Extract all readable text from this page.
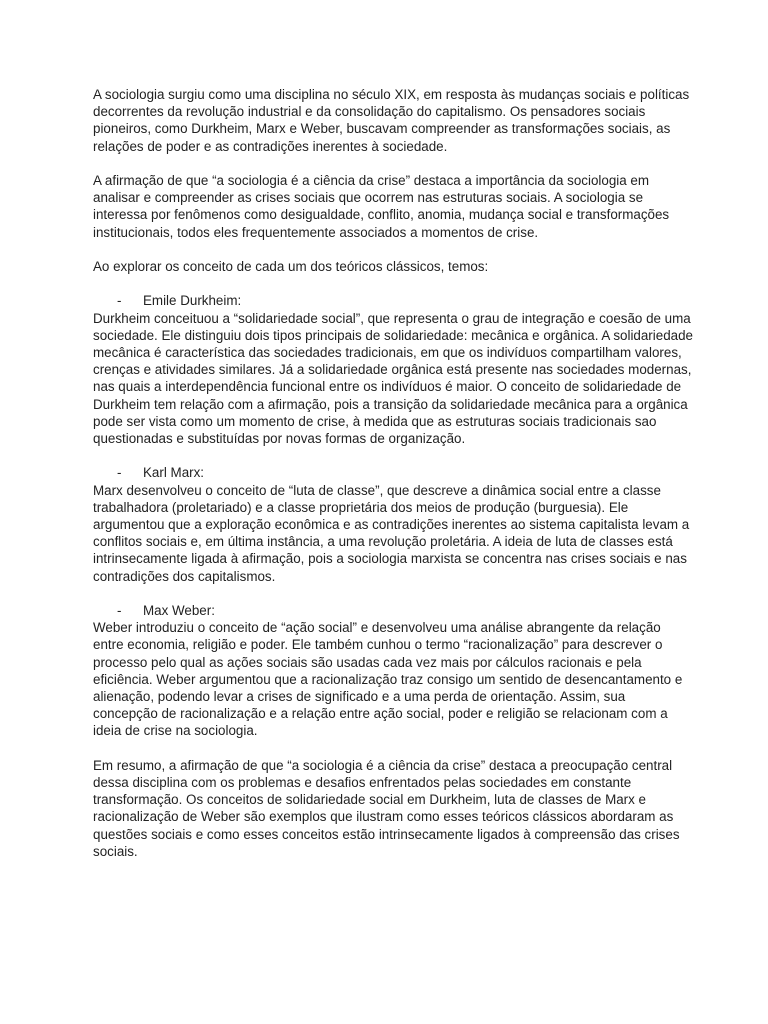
A sociologia surgiu como uma disciplina no século XIX, em resposta às mudanças sociais e políticas decorrentes da revolução industrial e da consolidação do capitalismo. Os pensadores sociais pioneiros, como Durkheim, Marx e Weber, buscavam compreender as transformações sociais, as relações de poder e as contradições inerentes à sociedade.

A afirmação de que “a sociologia é a ciência da crise” destaca a importância da sociologia em analisar e compreender as crises sociais que ocorrem nas estruturas sociais. A sociologia se interessa por fenômenos como desigualdade, conflito, anomia, mudança social e transformações institucionais, todos eles frequentemente associados a momentos de crise.

Ao explorar os conceito de cada um dos teóricos clássicos, temos:

-	Emile Durkheim:

Durkheim conceituou a “solidariedade social”, que representa o grau de integração e coesão de uma sociedade. Ele distinguiu dois tipos principais de solidariedade: mecânica e orgânica. A solidariedade mecânica é característica das sociedades tradicionais, em que os indivíduos compartilham valores, crenças e atividades similares. Já a solidariedade orgânica está presente nas sociedades modernas, nas quais a interdependência funcional entre os indivíduos é maior. O conceito de solidariedade de Durkheim tem relação com a afirmação, pois a transição da solidariedade mecânica para a orgânica pode ser vista como um momento de crise, à medida que as estruturas sociais tradicionais sao questionadas e substituídas por novas formas de organização.

-	Karl Marx:

Marx desenvolveu o conceito de “luta de classe”, que descreve a dinâmica social entre a classe trabalhadora (proletariado) e a classe proprietária dos meios de produção (burguesia). Ele argumentou que a exploração econômica e as contradições inerentes ao sistema capitalista levam a conflitos sociais e, em última instância, a uma revolução proletária. A ideia de luta de classes está intrinsecamente ligada à afirmação, pois a sociologia marxista se concentra nas crises sociais e nas contradições dos capitalismos.

-	Max Weber:

Weber introduziu o conceito de “ação social” e desenvolveu uma análise abrangente da relação entre economia, religião e poder. Ele também cunhou o termo “racionalização” para descrever o processo pelo qual as ações sociais são usadas cada vez mais por cálculos racionais e pela eficiência. Weber argumentou que a racionalização traz consigo um sentido de desencantamento e alienação, podendo levar a crises de significado e a uma perda de orientação. Assim, sua concepção de racionalização e a relação entre ação social, poder e religião se relacionam com a ideia de crise na sociologia.

Em resumo, a afirmação de que “a sociologia é a ciência da crise” destaca a preocupação central dessa disciplina com os problemas e desafios enfrentados pelas sociedades em constante transformação. Os conceitos de solidariedade social em Durkheim, luta de classes de Marx e racionalização de Weber são exemplos que ilustram como esses teóricos clássicos abordaram as questões sociais e como esses conceitos estão intrinsecamente ligados à compreensão das crises sociais.
